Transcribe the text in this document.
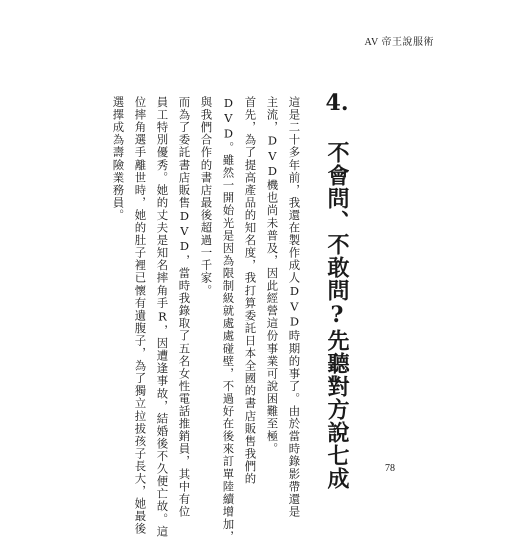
AV 帝王說服術
4. 不會問、不敢問?先聽對方說七成
這是二十多年前，我還在製作成人DVD時期的事了。由於當時錄影帶還是
主流，DVD機也尚未普及，因此經營這份事業可說困難至極。
首先，為了提高產品的知名度，我打算委託日本全國的書店販售我們的
DVD。雖然一開始光是因為限制級就處處碰壁，不過好在後來訂單陸續增加，
與我們合作的書店最後超過一千家。
而為了委託書店販售DVD，當時我錄取了五名女性電話推銷員，其中有位
員工特別優秀。她的丈夫是知名摔角手R，因遭逢事故，結婚後不久便亡故。這
位摔角選手離世時，她的肚子裡已懷有遺腹子，為了獨立拉拔孩子長大，她最後
選擇成為壽險業務員。
78
